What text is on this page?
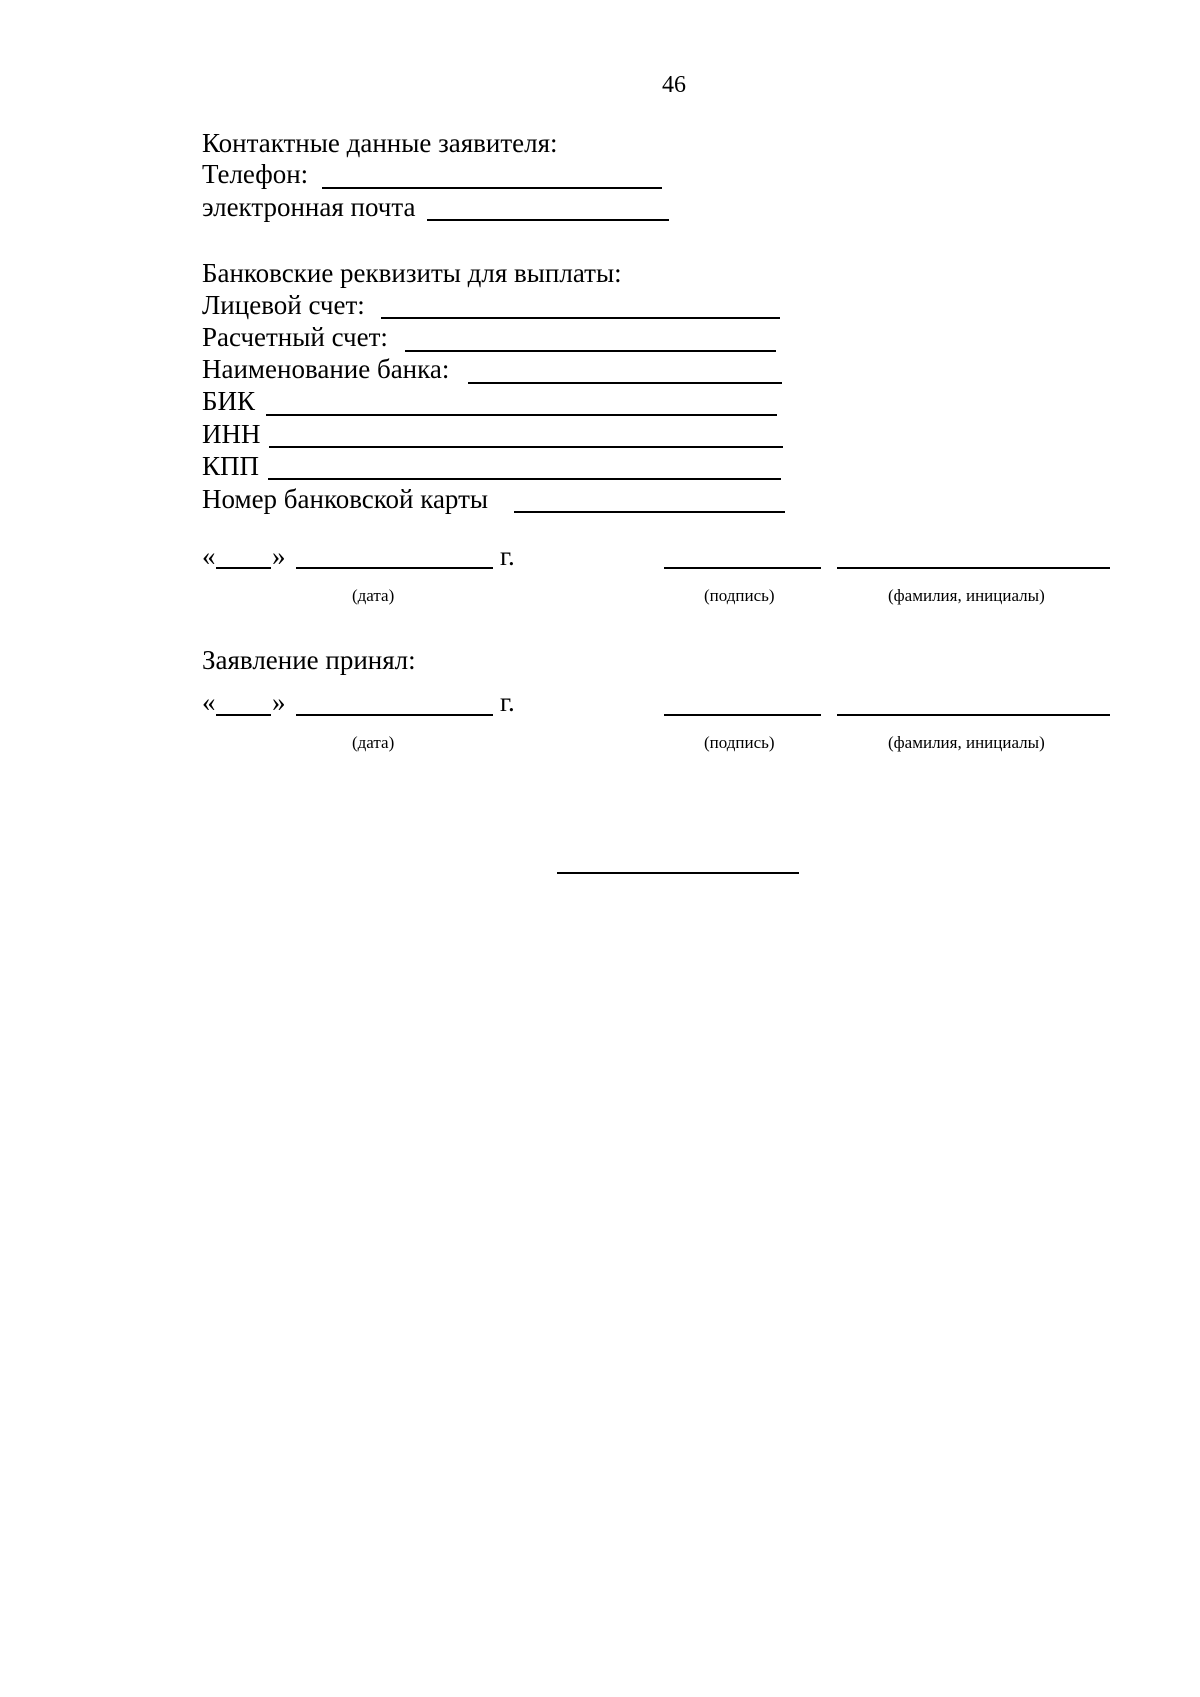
46
Контактные данные заявителя:
Телефон:
электронная почта
Банковские реквизиты для выплаты:
Лицевой счет:
Расчетный счет:
Наименование банка:
БИК
ИНН
КПП
Номер банковской карты
« »	г.
(дата)	(подпись)	(фамилия, инициалы)
Заявление принял:
« »	г.
(дата)	(подпись)	(фамилия, инициалы)
